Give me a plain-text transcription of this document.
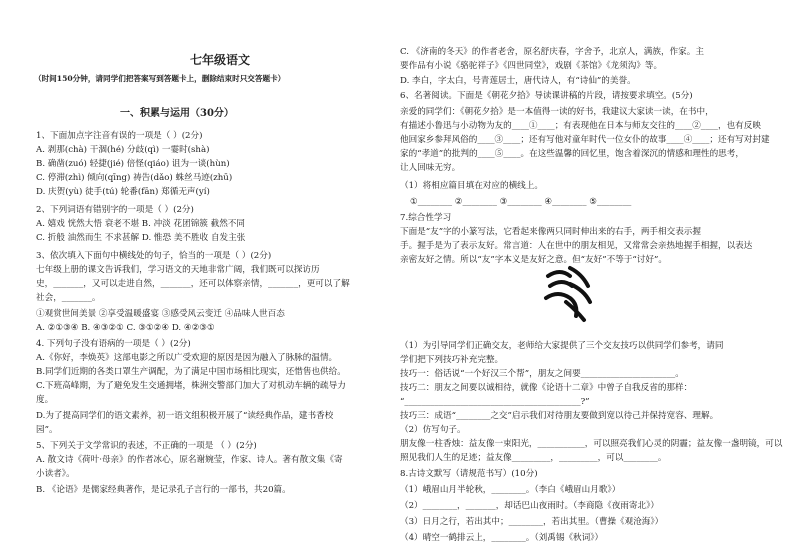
七年级语文
（时间150分钟，请同学们把答案写到答题卡上，删除结束时只交答题卡）
一、积累与运用（30分）
1、下面加点字注音有误的一项是（ ）(2分)
A. 剥那(chà) 干涸(hé) 分歧(qì) 一霎时(shà)
B. 确凿(zuó) 轻捷(jié) 倍怪(qiáo) 诅为一谈(hùn)
C. 停滞(zhì) 倾向(qīng) 祷告(dǎo) 蛛丝马迹(zhū)
D. 庆贺(yù) 徒手(tú) 轮番(fān) 郑循无声(yí)
2、下列词语有错别字的一项是（ ）(2分)
A. 嬉戏 恍然大悟 衰老不堪 B. 冲淡 花团锦簇 截然不同
C. 折般 油然而生 不求甚解 D. 惟恐 美不胜收 自发主张
3、依次填入下面句中横线处的句子，恰当的一项是（ ）(2分)
七年级上册的课文告诉我们，学习语文的天地非常广阔，我们既可以探访历
史，_______，又可以走进自然，_______，还可以体察亲情，_______，更可以了解
社会，_______。
①观赏世间美景 ②享受温暖盛宴 ③感受风云变迁 ④品味人世百态
A. ②①③④ B. ④③②① C. ③①②④ D. ④②③①
4. 下列句子没有语病的一项是（ ）(2分)
A.《你好，李焕英》这部电影之所以广受欢迎的原因是因为融入了脉脉的温情。
B.同学们近期的各类口罩生产调配，为了满足中国市场相比现实，还惜售也供给。
C.下班高峰期，为了避免发生交通拥堵，株洲交警部门加大了对机动车辆的疏导力
度。
D.为了提高同学们的语文素养，初一语文组积极开展了“读经典作品，建书香校
园”。
5、下列关于文学常识的表述，不正确的一项是 （ ）(2分)
A. 散文诗《荷叶·母亲》的作者冰心，原名谢婉莹，作家、诗人。著有散文集《寄
小读者》。
B. 《论语》是儒家经典著作，是记录孔子言行的一部书，共20篇。
C. 《济南的冬天》的作者老舍，原名舒庆春，字舍予，北京人，满族，作家。主
要作品有小说《骆驼祥子》《四世同堂》，戏剧《茶馆》《龙须沟》等。
D. 李白，字太白，号青莲居士，唐代诗人，有“诗仙”的美誉。
6、名著阅读。下面是《朝花夕拾》导读课讲稿的片段，请按要求填空。(5分)
亲爱的同学们：《朝花夕拾》是一本值得一读的好书，我建议大家读一读，在书中，
有描述小鲁迅与小动物为友的____①____；有表现他在日本与师友交往的____②____，也有反映
他回家乡参拜风俗的____③____；还有写他对童年时代一位女仆的故事____④____；还有写对封建
家的“孝道”的批判的____⑤____。在这些温馨的回忆里，饱含着深沉的情感和理性的思考，
让人回味无穷。
（1）将相应篇目填在对应的横线上。
①________ ②________ ③________ ④________ ⑤________
7.综合性学习
下面是“友”字的小篆写法，它看起来像两只同时伸出来的右手，两手相交表示握
手。握手是为了表示友好。常言道：人在世中的朋友相见，又常常会亲热地握手相握，以表达
亲密友好之情。所以“友”字本义是友好之意。但“友好”不等于“讨好”。
（1）为引导同学们正确交友，老师给大家提供了三个交友技巧以供同学们参考，请同
学们把下列技巧补充完整。
技巧一：俗话说“一个好汉三个帮”，朋友之间要______________________。
技巧二：朋友之间要以诚相待，就像《论语十二章》中曾子自我反省的那样：
“_________________________________________?”
技巧三：成语“________之交”启示我们对待朋友要做到宽以待己并保持宽容、理解。
（2）仿写句子。
朋友像一柱香烛：益友像一束阳光，___________，可以照亮我们心灵的阴霾；益友像一盏明镜，可以
照见我们人生的足迹；益友像_________，_________，可以________。
8.古诗文默写（请规范书写）(10分)
（1）峨眉山月半轮秋，________。（李白《峨眉山月歌》）
（2）________，_______，却话巴山夜雨时。（李商隐《夜雨寄北》）
（3）日月之行，若出其中；________，若出其里。（曹操《观沧海》）
（4）晴空一鹤排云上，________。（刘禹锡《秋词》）
